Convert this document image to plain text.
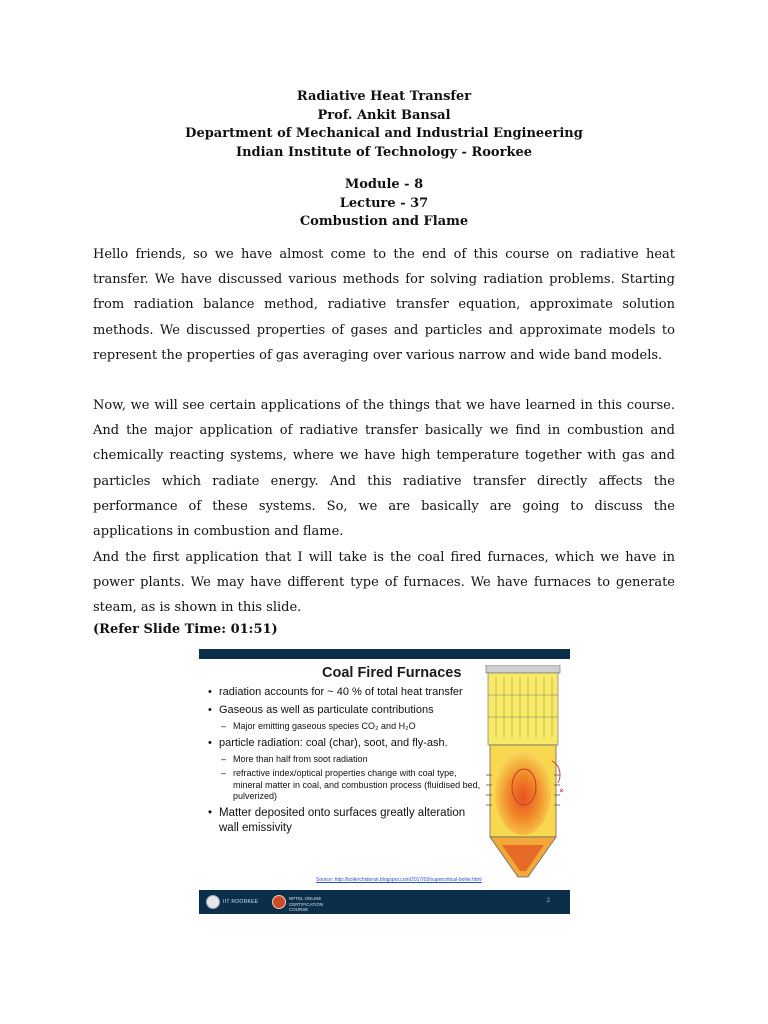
Radiative Heat Transfer
Prof. Ankit Bansal
Department of Mechanical and Industrial Engineering
Indian Institute of Technology - Roorkee
Module - 8
Lecture - 37
Combustion and Flame
Hello friends, so we have almost come to the end of this course on radiative heat transfer. We have discussed various methods for solving radiation problems. Starting from radiation balance method, radiative transfer equation, approximate solution methods. We discussed properties of gases and particles and approximate models to represent the properties of gas averaging over various narrow and wide band models.
Now, we will see certain applications of the things that we have learned in this course. And the major application of radiative transfer basically we find in combustion and chemically reacting systems, where we have high temperature together with gas and particles which radiate energy. And this radiative transfer directly affects the performance of these systems. So, we are basically are going to discuss the applications in combustion and flame.
And the first application that I will take is the coal fired furnaces, which we have in power plants. We may have different type of furnaces. We have furnaces to generate steam, as is shown in this slide.
(Refer Slide Time: 01:51)
Coal Fired Furnaces
• radiation accounts for ~ 40 % of total heat transfer
• Gaseous as well as particulate contributions
– Major emitting gaseous species CO₂ and H₂O
• particle radiation: coal (char), soot, and fly-ash.
– More than half from soot radiation
– refractive index/optical properties change with coal type, mineral matter in coal, and combustion process (fluidised bed, pulverized)
• Matter deposited onto surfaces greatly alteration wall emissivity
Source: http://boilerchidoran.blogspot.com/2017/03/supercritical-boiler.html
IIT ROORKEE
NPTEL ONLINE CERTIFICATION COURSE
2
